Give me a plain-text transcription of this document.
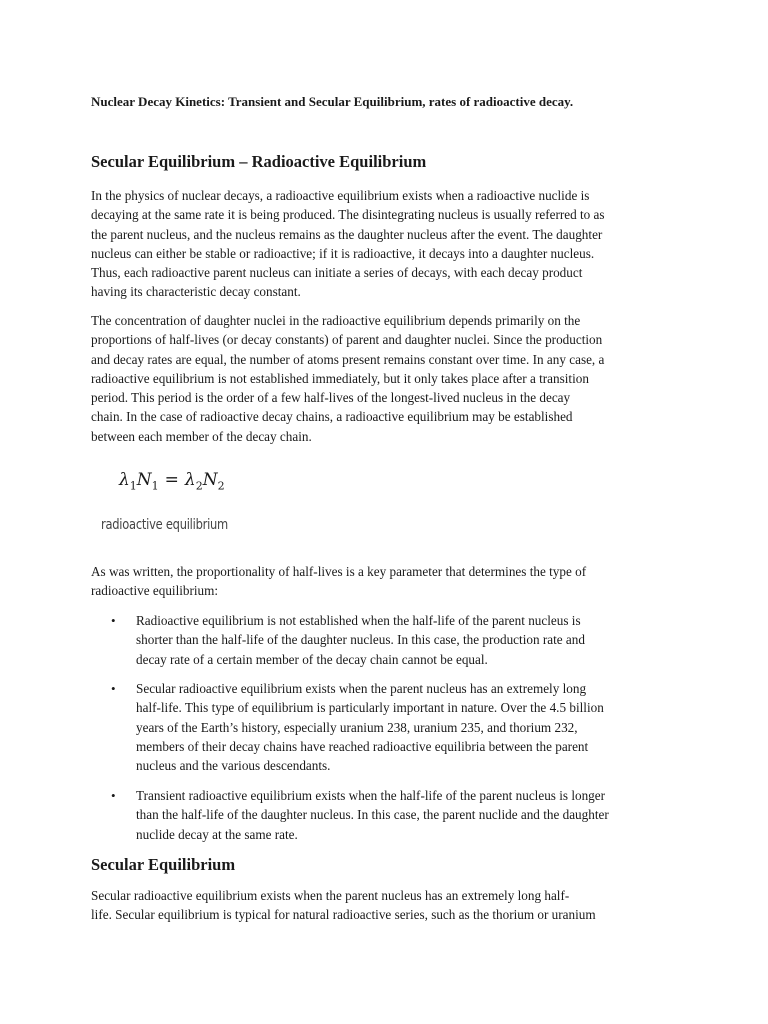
Nuclear Decay Kinetics: Transient and Secular Equilibrium, rates of radioactive decay.
Secular Equilibrium – Radioactive Equilibrium
In the physics of nuclear decays, a radioactive equilibrium exists when a radioactive nuclide is
decaying at the same rate it is being produced. The disintegrating nucleus is usually referred to as
the parent nucleus, and the nucleus remains as the daughter nucleus after the event. The daughter
nucleus can either be stable or radioactive; if it is radioactive, it decays into a daughter nucleus.
Thus, each radioactive parent nucleus can initiate a series of decays, with each decay product
having its characteristic decay constant.
The concentration of daughter nuclei in the radioactive equilibrium depends primarily on the
proportions of half-lives (or decay constants) of parent and daughter nuclei. Since the production
and decay rates are equal, the number of atoms present remains constant over time. In any case, a
radioactive equilibrium is not established immediately, but it only takes place after a transition
period. This period is the order of a few half-lives of the longest-lived nucleus in the decay
chain. In the case of radioactive decay chains, a radioactive equilibrium may be established
between each member of the decay chain.
$\lambda_1N_1 = \lambda_2N_2$
radioactive equilibrium
As was written, the proportionality of half-lives is a key parameter that determines the type of
radioactive equilibrium:
• Radioactive equilibrium is not established when the half-life of the parent nucleus is
shorter than the half-life of the daughter nucleus. In this case, the production rate and
decay rate of a certain member of the decay chain cannot be equal.
• Secular radioactive equilibrium exists when the parent nucleus has an extremely long
half-life. This type of equilibrium is particularly important in nature. Over the 4.5 billion
years of the Earth’s history, especially uranium 238, uranium 235, and thorium 232,
members of their decay chains have reached radioactive equilibria between the parent
nucleus and the various descendants.
• Transient radioactive equilibrium exists when the half-life of the parent nucleus is longer
than the half-life of the daughter nucleus. In this case, the parent nuclide and the daughter
nuclide decay at the same rate.
Secular Equilibrium
Secular radioactive equilibrium exists when the parent nucleus has an extremely long half-
life. Secular equilibrium is typical for natural radioactive series, such as the thorium or uranium
